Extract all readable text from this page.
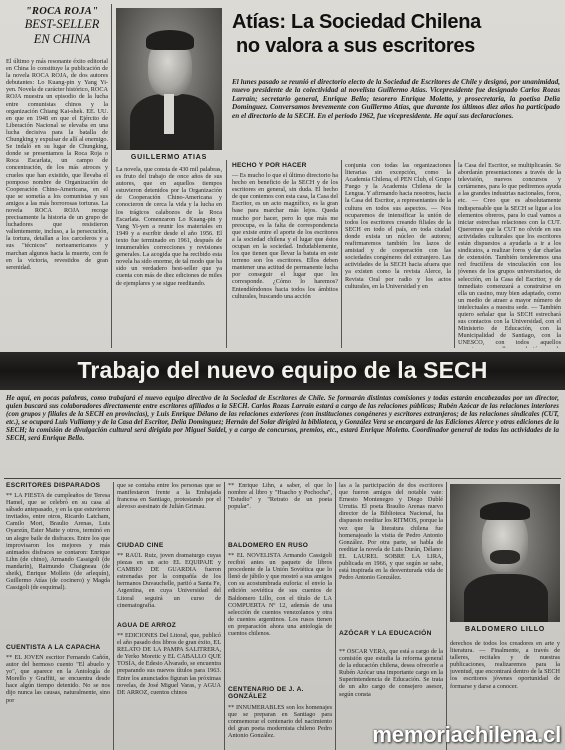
"ROCA ROJA"
BEST-SELLER
EN CHINA
El último y más resonante éxito editorial en China lo constituye la publicación de la novela ROCA ROJA, de dos autores debutantes: Lo Kuang-pin y Yang Yi-yen. Novela de carácter histórico, ROCA ROJA muestra un episodio de la lucha entre comunistas chinos y la organización Chiang Kai-shek. EE. UU. en que en 1948 en que el Ejército de Liberación Nacional se elevaba en una lucha decisiva para la batalla de Chungking y expulsar de allí al enemigo. Se indaló en su lugar de Chungking, donde se presentamos la Roca Roja o Roca Escarlata, un campo de concentración, de los más atroces y crueles que han existido, que llevaba el pomposo nombre de Organización de Cooperación Chino-Americana, en el que se sometía a los comunistas y sus amigos a las más horrorosas torturas. La novela ROCA ROJA recoge precisamente la historia de un grupo de luchadores que resistieron valientemente, incluso, a la persecución, la tortura, detallan a los carceleros y a sus "técnicos" norteamericanos y marchan algunos hacia la muerte, con fe en la victoria, revestidos de gran serenidad.
GUILLERMO ATIAS
Atías: La Sociedad Chilena
no valora a sus escritores
El lunes pasado se reunió el directorio electo de la Sociedad de Escritores de Chile y designó, por unanimidad, nuevo presidente de la colectividad al novelista Guillermo Atías. Vicepresidente fue designado Carlos Rozas Larraín; secretario general, Enrique Bello; tesorero Enrique Moletto, y prosecretaria, la poetisa Delia Domínguez. Conversamos brevemente con Guillermo Atías, que durante los últimos diez años ha participado en el directorio de la SECH. En el período 1962, fue vicepresidente. He aquí sus declaraciones.
La novela, que consta de 430 mil palabras, es fruto del trabajo de once años de sus autores, que en aquellos tiempos estuvieron detenidos por la Organización de Cooperación Chino-Americana y conocieron de cerca la vida y la lucha en los trágicos calabozos de la Roca Escarlata. Comenzaron Lo Kuang-pin y Yang Yi-yen a reunir los materiales en 1949 y a escribir desde el año 1956. El texto fue terminado en 1961, después de innumerables correcciones y revisiones generales. La acogida que ha recibido esta novela ha sido enorme, de tal modo que ha sido un verdadero best-seller que ya cuenta con más de diez ediciones de miles de ejemplares y se sigue reeditando.
HECHO Y POR HACER
— Es mucho lo que el último directorio ha hecho en beneficio de la SECH y de los escritores en general, sin duda. El hecho de que contemos con esta casa, la Casa del Escritor, es un acto magnífico, es la gran base para marchar más lejos. Queda mucho por hacer, pero lo que más me preocupa, es la falta de correspondencia que existe entre el aporte de los escritores a la sociedad chilena y el lugar que éstos ocupan en la sociedad. Indudablemente, los que tienen que llevar la batuta en este terreno son los escritores. Ellos deben mantener una actitud de permanente lucha por conseguir el lugar que les corresponde. ¿Cómo lo haremos? Entendiéndonos hacia todos los ámbitos culturales, buscando una acción
conjunta con todas las organizaciones literarias sin excepción, como la Academia Chilena, el PEN Club, el Grupo Fuego y la Academia Chilena de la Lengua. Y afirmando hacia nosotros, hacia la Casa del Escritor, a representantes de la cultura en todos sus aspectos. — Nos ocuparemos de intensificar la unión de todos los escritores creando filiales de la SECH en todo el país, en toda ciudad donde exista un núcleo de autores; reafirmaremos también los lazos de amistad y de cooperación con las sociedades congéneres del extranjero. Las actividades de la SECH hacia afuera que ya existen como la revista Alerce, la Revista Oral por radio y los actos culturales, en la Universidad y en
la Casa del Escritor, se multiplicarán. Se abordarán presentaciones a través de la televisión, nuevos concursos y certámenes, para lo que pediremos ayuda a las grandes industrias nacionales, foros, etc. — Creo que es absolutamente indispensable que la SECH se ligue a los elementos obreros, para lo cual vamos a iniciar estrechas relaciones con la CUT. Queremos que la CUT no olvide en sus actividades culturales que los escritores están dispuestos a ayudarla a ir a los sindicatos, a realizar foros y dar charlas de extensión. También tenderemos una red fructífera de vinculación con los jóvenes de los grupos universitarios, de selección, en la Casa del Escritor, y de inmediato comenzará a construirse en ella un casino, muy bien adaptado, como un medio de atraer a mayor número de intelectuales a nuestra sede. — También quiero señalar que la SECH estrechará sus contactos con la Universidad, con el Ministerio de Educación, con la Municipalidad de Santiago, con la UNESCO, con todos aquellos
Trabajo del nuevo equipo de la SECH
He aquí, en pocas palabras, como trabajará el nuevo equipo directivo de la Sociedad de Escritores de Chile. Se formarán distintas comisiones y todas estarán encabezadas por un director, quien buscará sus colaboradores directamente entre escritores afiliados a la SECH. Carlos Rozas Larraín estará a cargo de las relaciones públicas; Rubén Azócar de las relaciones interiores (con grupos y filiales de la SECH en provincias), y Luis Enrique Délano de las relaciones exteriores (con instituciones congéneres y escritores extranjeros; de las relaciones sindicales (CUT, etc.), se ocupará Luis Vulliamy y de la Casa del Escritor, Delia Domínguez; Hernán del Solar dirigirá la biblioteca, y González Vera se encargará de las Ediciones Alerce y otras ediciones de la SECH; la comisión de divulgación cultural será dirigida por Miguel Saidel, y a cargo de concursos, premios, etc., estará Enrique Moletto. Coordinador general de todas las actividades de la SECH, será Enrique Bello.
ESCRITORES DISPARADOS
** LA FIESTA de cumpleaños de Teresa Hamel, que se celebró en su casa al sábado antepasado, y en la que estuvieron invitados, entre otros, Ricardo Latcham, Camilo Mori, Braulio Arenas, Luis Oyarzún, Ester Matte y otros, terminó en un alegre baile de disfraces. Entre los que improvisaron los mejores y más animados disfraces se contaron: Enrique Lihn (de chino), Armando Cassigoli (de mandarín), Raimundo Chaigneau (de sheik), Enrique Molleto (de arlequín), Guillermo Atías (de cocinero) y Magda Cassigoli (de esquimal).
CUENTISTA A LA CAPACHA
** EL JOVEN escritor Fernando Cañón, autor del hermoso cuento "El abuelo y yo", que aparece en la Antología de Morello y Graffiti, se encuentra desde hace algún tiempo detenido. No se nos dijo nunca las causas, naturalmente, sino por
que se contaba entre los personas que se manifestaron frente a la Embajada francesa en Santiago, protestando por el alevoso asesinato de Julián Grimau.
CIUDAD CINE
** RAÚL Ruiz, joven dramaturgo cuyas piezas en un acto EL EQUIPAJE y CAMBIO DE GUARDIA fueron estrenadas por la compañía de los hermanos Duvauchelle, partió a Santa Fe, Argentina, en cuya Universidad del Litoral seguirá un curso de cinematografía.
AGUA DE ARROZ
** EDICIONES Del Litoral, que, publicó el año pasado dos libros de gran éxito, EL RELATO DE LA PAMPA SALITRERA, de Yerko Moretic y EL CABALLO QUE TOSÍA, de Edesio Alvarado, se encuentra preparando sus nuevos títulos para 1963. Entre los anunciados figuran las próximas novelas, de José Miguel Varas, y AGUA DE ARROZ, cuentos chinos
** Enrique Lihn, a saber, el que lo nombre al libro y "Huacho y Pochocha", "Estudio" y "Retrato de un poeta popular".
BALDOMERO EN RUSO
** EL NOVELISTA Armando Cassigoli recibió antes un paquete de libros procedente de la Unión Soviética que lo llenó de júbilo y que mostró a sus amigos con su acostumbrada euforia: el envío la edición soviética de sus cuentos de Baldomero Lillo, con el título de LA COMPUERTA Nº 12, además de una selección de cuentos venezolanos y otra de cuentos argentinos. Los rusos tienen en preparación ahora una antología de cuentos chilenos.
CENTENARIO DE J. A. GONZÁLEZ
** INNUMERABLES son los homenajes que se preparan en Santiago para conmemorar el centenario del nacimiento del gran poeta modernista chileno Pedro Antonio González.
las a la participación de dos escritores que fueron amigos del notable vate: Ernesto Montenegro y Diego Dublé Urrutia. El poeta Braulio Arenas nuevo director de la Biblioteca Nacional, ha dispuesto reeditar los RITMOS, porque la vez que la literatura chilena fue homenajeado la visita de Pedro Antonio González. Por otra parte, se habla de reeditar la novela de Luis Durán, Délano: EL LAUREL SOBRE LA LIRA, publicada en 1966, y que según se sabe, está inspirada en la desventurada vida de Pedro Antonio González.
AZÓCAR Y LA EDUCACIÓN
** ÓSCAR VERA, que está a cargo de la comisión que estudia la reforma general de la educación chilena, desea ofrecerle a Rubén Azócar una importante cargo en la Superintendencia de Educación. Se trata de un alto cargo de consejero asesor, según consta
BALDOMERO LILLO
derechos de todos los creadores en arte y literatura. — Finalmente, a través de talleres, recitales y de nuestras publicaciones, realizaremos para la juventud, que encontrará dentro de la SECH los escritores jóvenes oportunidad de formarse y darse a conocer.
memoriachilena.cl
